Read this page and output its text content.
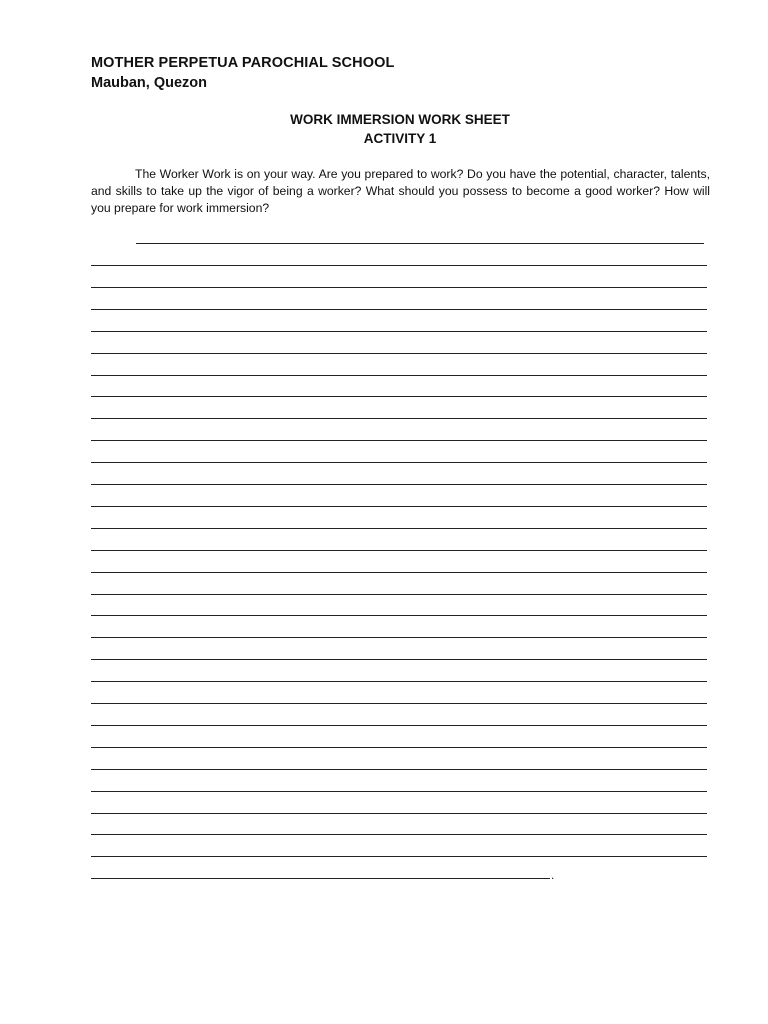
MOTHER PERPETUA PAROCHIAL SCHOOL
Mauban, Quezon
WORK IMMERSION WORK SHEET
ACTIVITY 1

The Worker Work is on your way. Are you prepared to work? Do you have the potential, character, talents, and skills to take up the vigor of being a worker? What should you possess to become a good worker? How will you prepare for work immersion?

.
